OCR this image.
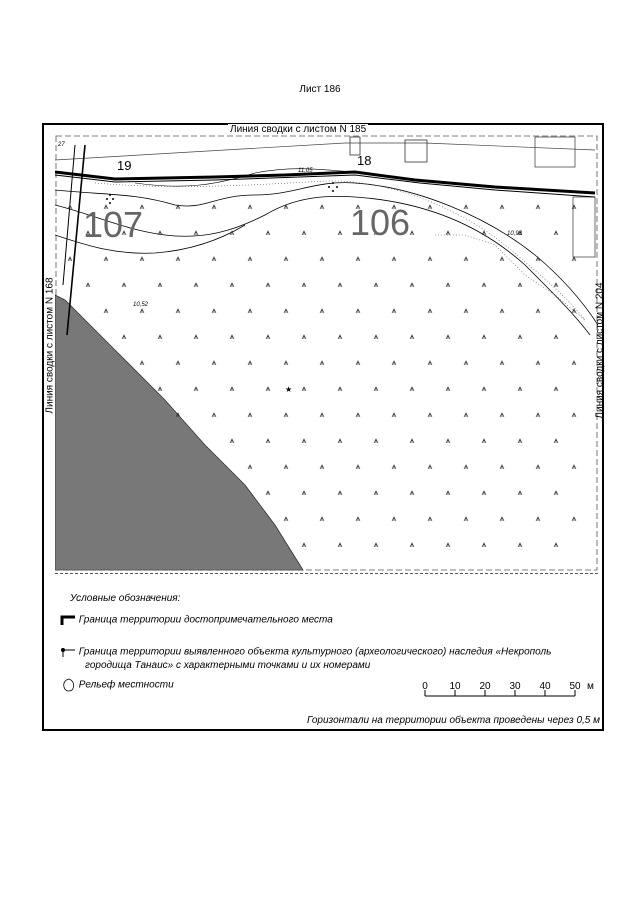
Лист 186
★
107	106
19	18
11,05
10,93
10,52
27
Линия сводки с листом N 185
Линия сводки с листом N 168	Линия сводки с листом N 204
Условные обозначения:
Граница территории достопримечательного места
Граница территории выявленного объекта культурного (археологического) наследия «Некрополь
городища Танаис» с характерными точками и их номерами
Рельеф местности	0 10 20 30 40 50 м
Горизонтали на территории объекта проведены через 0,5 м
